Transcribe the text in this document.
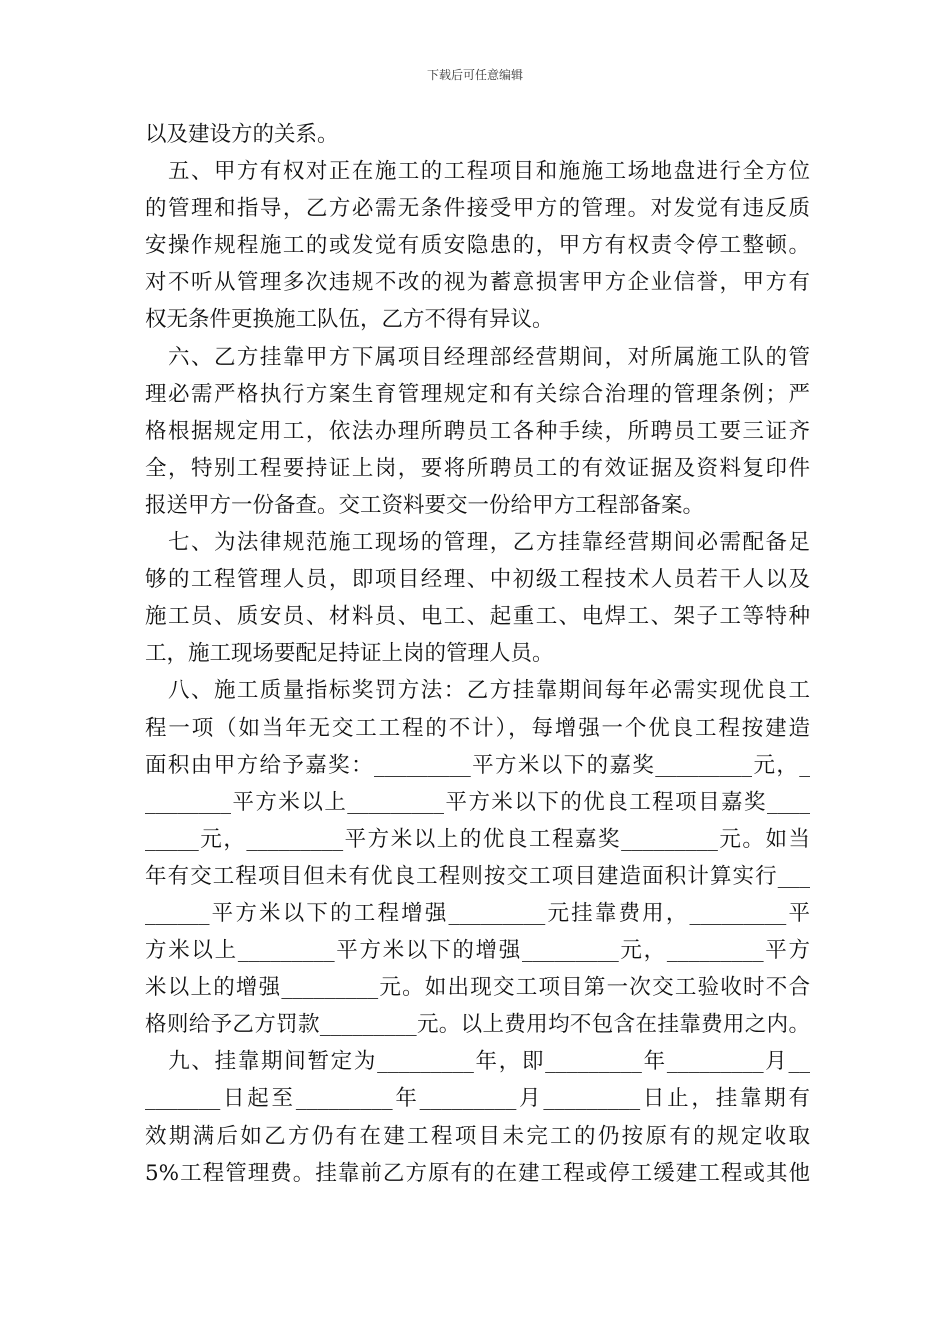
下载后可任意编辑
以及建设方的关系。
　五、甲方有权对正在施工的工程项目和施施工场地盘进行全方位
的管理和指导，乙方必需无条件接受甲方的管理。对发觉有违反质
安操作规程施工的或发觉有质安隐患的，甲方有权责令停工整顿。
对不听从管理多次违规不改的视为蓄意损害甲方企业信誉，甲方有
权无条件更换施工队伍，乙方不得有异议。
　六、乙方挂靠甲方下属项目经理部经营期间，对所属施工队的管
理必需严格执行方案生育管理规定和有关综合治理的管理条例；严
格根据规定用工，依法办理所聘员工各种手续，所聘员工要三证齐
全，特别工程要持证上岗，要将所聘员工的有效证据及资料复印件
报送甲方一份备查。交工资料要交一份给甲方工程部备案。
　七、为法律规范施工现场的管理，乙方挂靠经营期间必需配备足
够的工程管理人员，即项目经理、中初级工程技术人员若干人以及
施工员、质安员、材料员、电工、起重工、电焊工、架子工等特种
工，施工现场要配足持证上岗的管理人员。
　八、施工质量指标奖罚方法：乙方挂靠期间每年必需实现优良工
程一项（如当年无交工工程的不计），每增强一个优良工程按建造
面积由甲方给予嘉奖：_________平方米以下的嘉奖_________元，_
________平方米以上_________平方米以下的优良工程项目嘉奖____
_____元，_________平方米以上的优良工程嘉奖_________元。如当
年有交工程项目但未有优良工程则按交工项目建造面积计算实行___
______平方米以下的工程增强_________元挂靠费用，_________平
方米以上_________平方米以下的增强_________元，_________平方
米以上的增强_________元。如出现交工项目第一次交工验收时不合
格则给予乙方罚款_________元。以上费用均不包含在挂靠费用之内。
　九、挂靠期间暂定为_________年，即_________年_________月__
_______日起至_________年_________月_________日止，挂靠期有
效期满后如乙方仍有在建工程项目未完工的仍按原有的规定收取
5%工程管理费。挂靠前乙方原有的在建工程或停工缓建工程或其他
